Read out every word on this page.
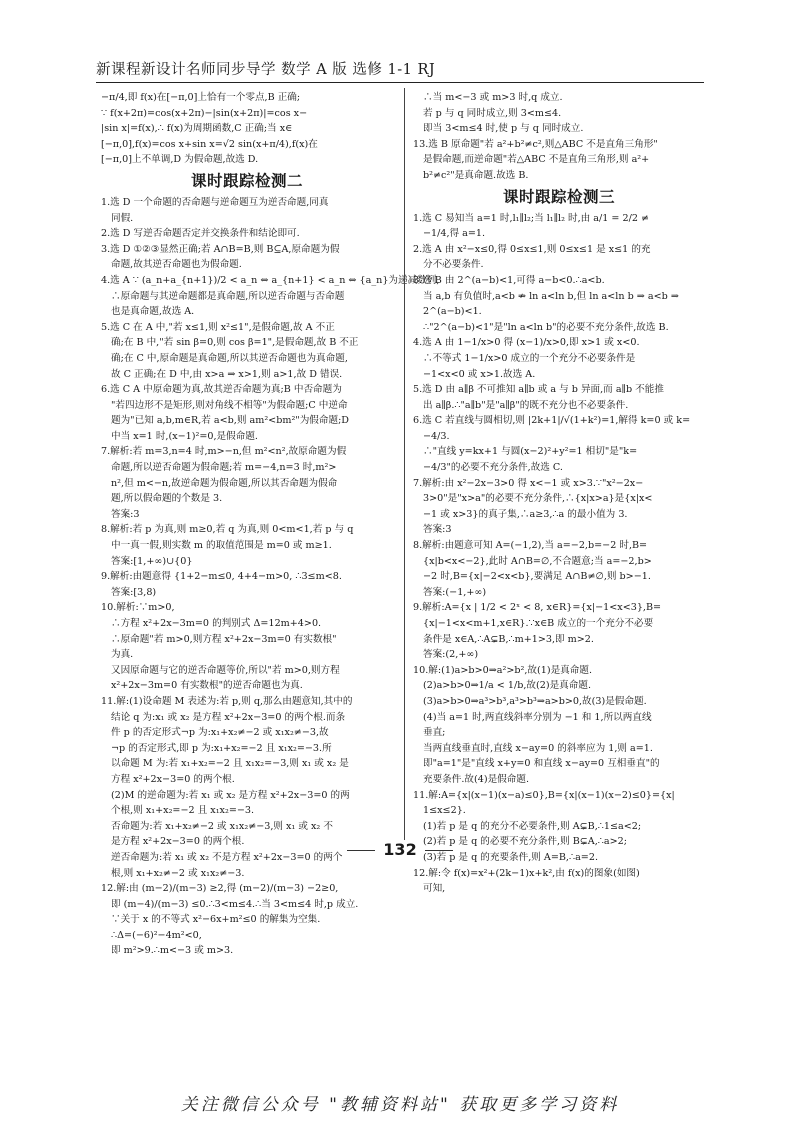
新课程新设计名师同步导学 数学 A 版 选修 1-1 RJ
−π/4,即 f(x)在[−π,0]上恰有一个零点,B 正确;
∵ f(x+2π)=cos(x+2π)−|sin(x+2π)|=cos x−
|sin x|=f(x),∴ f(x)为周期函数,C 正确;当 x∈
[−π,0],f(x)=cos x+sin x=√2 sin(x+π/4),f(x)在
[−π,0]上不单调,D 为假命题,故选 D.
课时跟踪检测二
1.选 D 一个命题的否命题与逆命题互为逆否命题,同真
同假.
2.选 D 写逆否命题否定并交换条件和结论即可.
3.选 D ①②③显然正确;若 A∩B=B,则 B⊆A,原命题为假
命题,故其逆否命题也为假命题.
4.选 A ∵ (a_n+a_{n+1})/2 < a_n ⇔ a_{n+1} < a_n ⇔ {a_n}为递减数列,
∴原命题与其逆命题都是真命题,所以逆否命题与否命题
也是真命题,故选 A.
5.选 C 在 A 中,"若 x≤1,则 x²≤1",是假命题,故 A 不正
确;在 B 中,"若 sin β=0,则 cos β=1",是假命题,故 B 不正
确;在 C 中,原命题是真命题,所以其逆否命题也为真命题,
故 C 正确;在 D 中,由 x>a ⇒ x>1,则 a>1,故 D 错误.
6.选 C A 中原命题为真,故其逆否命题为真;B 中否命题为
"若四边形不是矩形,则对角线不相等"为假命题;C 中逆命
题为"已知 a,b,m∈R,若 a<b,则 am²<bm²"为假命题;D
中当 x=1 时,(x−1)²=0,是假命题.
7.解析:若 m=3,n=4 时,m>−n,但 m²<n²,故原命题为假
命题,所以逆否命题为假命题;若 m=−4,n=3 时,m²>
n²,但 m<−n,故逆命题为假命题,所以其否命题为假命
题,所以假命题的个数是 3.
答案:3
8.解析:若 p 为真,则 m≥0,若 q 为真,则 0<m<1,若 p 与 q
中一真一假,则实数 m 的取值范围是 m=0 或 m≥1.
答案:[1,+∞)∪{0}
9.解析:由题意得 {1+2−m≤0, 4+4−m>0, ∴3≤m<8.
答案:[3,8)
10.解析:∵m>0,
∴方程 x²+2x−3m=0 的判别式 Δ=12m+4>0.
∴原命题"若 m>0,则方程 x²+2x−3m=0 有实数根"
为真.
又因原命题与它的逆否命题等价,所以"若 m>0,则方程
x²+2x−3m=0 有实数根"的逆否命题也为真.
11.解:(1)设命题 M 表述为:若 p,则 q,那么由题意知,其中的
结论 q 为:x₁ 或 x₂ 是方程 x²+2x−3=0 的两个根.而条
件 p 的否定形式¬p 为:x₁+x₂≠−2 或 x₁x₂≠−3,故
¬p 的否定形式,即 p 为:x₁+x₂=−2 且 x₁x₂=−3.所
以命题 M 为:若 x₁+x₂=−2 且 x₁x₂=−3,则 x₁ 或 x₂ 是
方程 x²+2x−3=0 的两个根.
(2)M 的逆命题为:若 x₁ 或 x₂ 是方程 x²+2x−3=0 的两
个根,则 x₁+x₂=−2 且 x₁x₂=−3.
否命题为:若 x₁+x₂≠−2 或 x₁x₂≠−3,则 x₁ 或 x₂ 不
是方程 x²+2x−3=0 的两个根.
逆否命题为:若 x₁ 或 x₂ 不是方程 x²+2x−3=0 的两个
根,则 x₁+x₂≠−2 或 x₁x₂≠−3.
12.解:由 (m−2)/(m−3) ≥2,得 (m−2)/(m−3) −2≥0,
即 (m−4)/(m−3) ≤0.∴3<m≤4.∴当 3<m≤4 时,p 成立.
∵关于 x 的不等式 x²−6x+m²≤0 的解集为空集.
∴Δ=(−6)²−4m²<0,
即 m²>9.∴m<−3 或 m>3.
∴当 m<−3 或 m>3 时,q 成立.
若 p 与 q 同时成立,则 3<m≤4.
即当 3<m≤4 时,使 p 与 q 同时成立.
13.选 B 原命题"若 a²+b²≠c²,则△ABC 不是直角三角形"
是假命题,而逆命题"若△ABC 不是直角三角形,则 a²+
b²≠c²"是真命题.故选 B.
课时跟踪检测三
1.选 C 易知当 a=1 时,l₁∥l₂;当 l₁∥l₂ 时,由 a/1 = 2/2 ≠
−1/4,得 a=1.
2.选 A 由 x²−x≤0,得 0≤x≤1,则 0≤x≤1 是 x≤1 的充
分不必要条件.
3.选 B 由 2^(a−b)<1,可得 a−b<0.∴a<b.
当 a,b 有负值时,a<b ⇏ ln a<ln b,但 ln a<ln b ⇒ a<b ⇒
2^(a−b)<1.
∴"2^(a−b)<1"是"ln a<ln b"的必要不充分条件,故选 B.
4.选 A 由 1−1/x>0 得 (x−1)/x>0,即 x>1 或 x<0.
∴不等式 1−1/x>0 成立的一个充分不必要条件是
−1<x<0 或 x>1.故选 A.
5.选 D 由 a∥β 不可推知 a∥b 或 a 与 b 异面,而 a∥b 不能推
出 a∥β.∴"a∥b"是"a∥β"的既不充分也不必要条件.
6.选 C 若直线与圆相切,则 |2k+1|/√(1+k²)=1,解得 k=0 或 k=
−4/3.
∴"直线 y=kx+1 与圆(x−2)²+y²=1 相切"是"k=
−4/3"的必要不充分条件,故选 C.
7.解析:由 x²−2x−3>0 得 x<−1 或 x>3.∵"x²−2x−
3>0"是"x>a"的必要不充分条件,∴{x|x>a}是{x|x<
−1 或 x>3}的真子集,∴a≥3,∴a 的最小值为 3.
答案:3
8.解析:由题意可知 A=(−1,2),当 a=−2,b=−2 时,B=
{x|b<x<−2},此时 A∩B=∅,不合题意;当 a=−2,b>
−2 时,B={x|−2<x<b},要满足 A∩B≠∅,则 b>−1.
答案:(−1,+∞)
9.解析:A={x | 1/2 < 2ˣ < 8, x∈R}={x|−1<x<3},B=
{x|−1<x<m+1,x∈R}.∵x∈B 成立的一个充分不必要
条件是 x∈A,∴A⊊B,∴m+1>3,即 m>2.
答案:(2,+∞)
10.解:(1)a>b>0⇒a²>b²,故(1)是真命题.
(2)a>b>0⇒1/a < 1/b,故(2)是真命题.
(3)a>b>0⇒a³>b³,a³>b³⇒a>b>0,故(3)是假命题.
(4)当 a=1 时,两直线斜率分别为 −1 和 1,所以两直线
垂直;
当两直线垂直时,直线 x−ay=0 的斜率应为 1,则 a=1.
即"a=1"是"直线 x+y=0 和直线 x−ay=0 互相垂直"的
充要条件.故(4)是假命题.
11.解:A={x|(x−1)(x−a)≤0},B={x|(x−1)(x−2)≤0}={x|
1≤x≤2}.
(1)若 p 是 q 的充分不必要条件,则 A⊊B,∴1≤a<2;
(2)若 p 是 q 的必要不充分条件,则 B⊊A,∴a>2;
(3)若 p 是 q 的充要条件,则 A=B,∴a=2.
12.解:令 f(x)=x²+(2k−1)x+k²,由 f(x)的图象(如图)
可知,
132
关注微信公众号 "教辅资料站" 获取更多学习资料
